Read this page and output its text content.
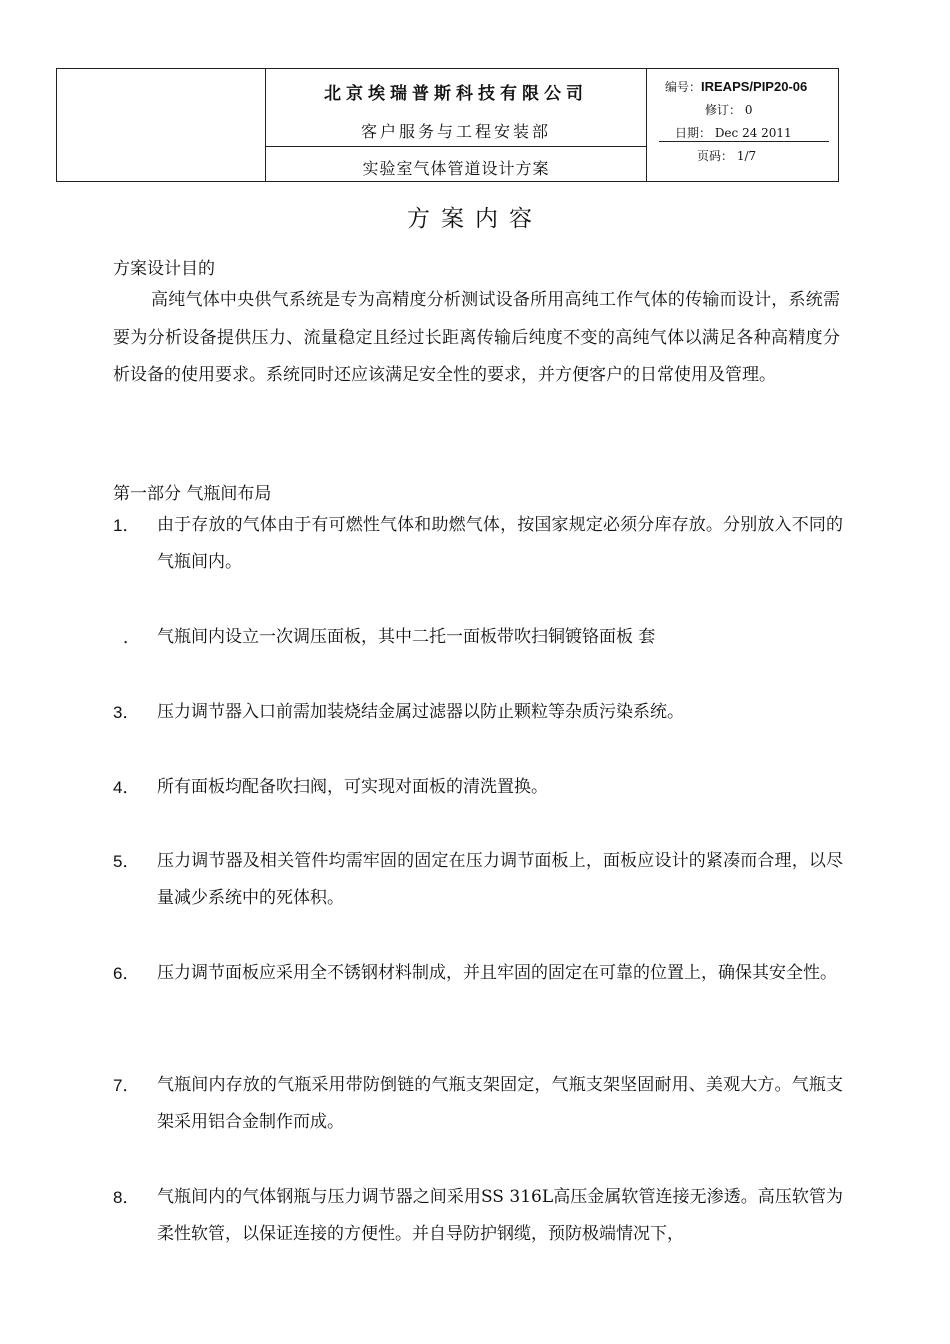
北京埃瑞普斯科技有限公司
客户服务与工程安装部
实验室气体管道设计方案
编号：IREAPS/PIP20-06
修订： 0
日期： Dec 24 2011
页码： 1/7
方案内容
方案设计目的
高纯气体中央供气系统是专为高精度分析测试设备所用高纯工作气体的传输而设计，系统需要为分析设备提供压力、流量稳定且经过长距离传输后纯度不变的高纯气体以满足各种高精度分析设备的使用要求。系统同时还应该满足安全性的要求，并方便客户的日常使用及管理。
第一部分 气瓶间布局
1． 由于存放的气体由于有可燃性气体和助燃气体，按国家规定必须分库存放。分别放入不同的气瓶间内。
． 气瓶间内设立一次调压面板，其中二托一面板带吹扫铜镀铬面板 套
3． 压力调节器入口前需加装烧结金属过滤器以防止颗粒等杂质污染系统。
4． 所有面板均配备吹扫阀，可实现对面板的清洗置换。
5． 压力调节器及相关管件均需牢固的固定在压力调节面板上，面板应设计的紧凑而合理，以尽量减少系统中的死体积。
6． 压力调节面板应采用全不锈钢材料制成，并且牢固的固定在可靠的位置上，确保其安全性。
7． 气瓶间内存放的气瓶采用带防倒链的气瓶支架固定，气瓶支架坚固耐用、美观大方。气瓶支架采用铝合金制作而成。
8． 气瓶间内的气体钢瓶与压力调节器之间采用SS 316L高压金属软管连接无渗透。高压软管为柔性软管，以保证连接的方便性。并自导防护钢缆，预防极端情况下，
